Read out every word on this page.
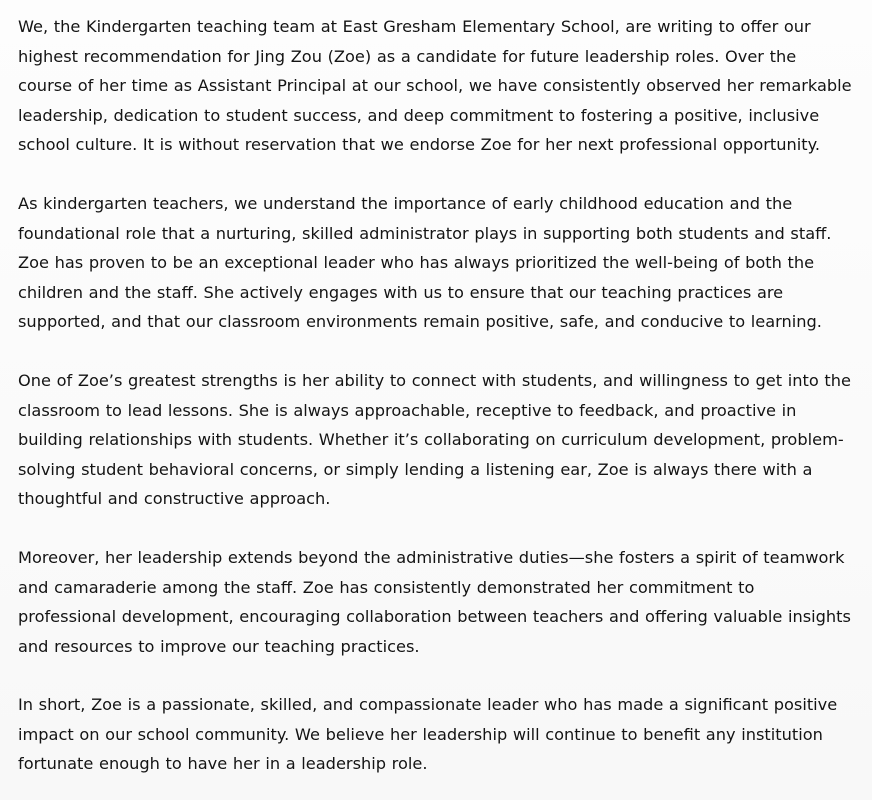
We, the Kindergarten teaching team at East Gresham Elementary School, are writing to offer our highest recommendation for Jing Zou (Zoe) as a candidate for future leadership roles. Over the course of her time as Assistant Principal at our school, we have consistently observed her remarkable leadership, dedication to student success, and deep commitment to fostering a positive, inclusive school culture. It is without reservation that we endorse Zoe for her next professional opportunity.

As kindergarten teachers, we understand the importance of early childhood education and the foundational role that a nurturing, skilled administrator plays in supporting both students and staff. Zoe has proven to be an exceptional leader who has always prioritized the well-being of both the children and the staff. She actively engages with us to ensure that our teaching practices are supported, and that our classroom environments remain positive, safe, and conducive to learning.

One of Zoe’s greatest strengths is her ability to connect with students, and willingness to get into the classroom to lead lessons. She is always approachable, receptive to feedback, and proactive in building relationships with students. Whether it’s collaborating on curriculum development, problem-solving student behavioral concerns, or simply lending a listening ear, Zoe is always there with a thoughtful and constructive approach.

Moreover, her leadership extends beyond the administrative duties—she fosters a spirit of teamwork and camaraderie among the staff. Zoe has consistently demonstrated her commitment to professional development, encouraging collaboration between teachers and offering valuable insights and resources to improve our teaching practices.

In short, Zoe is a passionate, skilled, and compassionate leader who has made a significant positive impact on our school community. We believe her leadership will continue to benefit any institution fortunate enough to have her in a leadership role.
